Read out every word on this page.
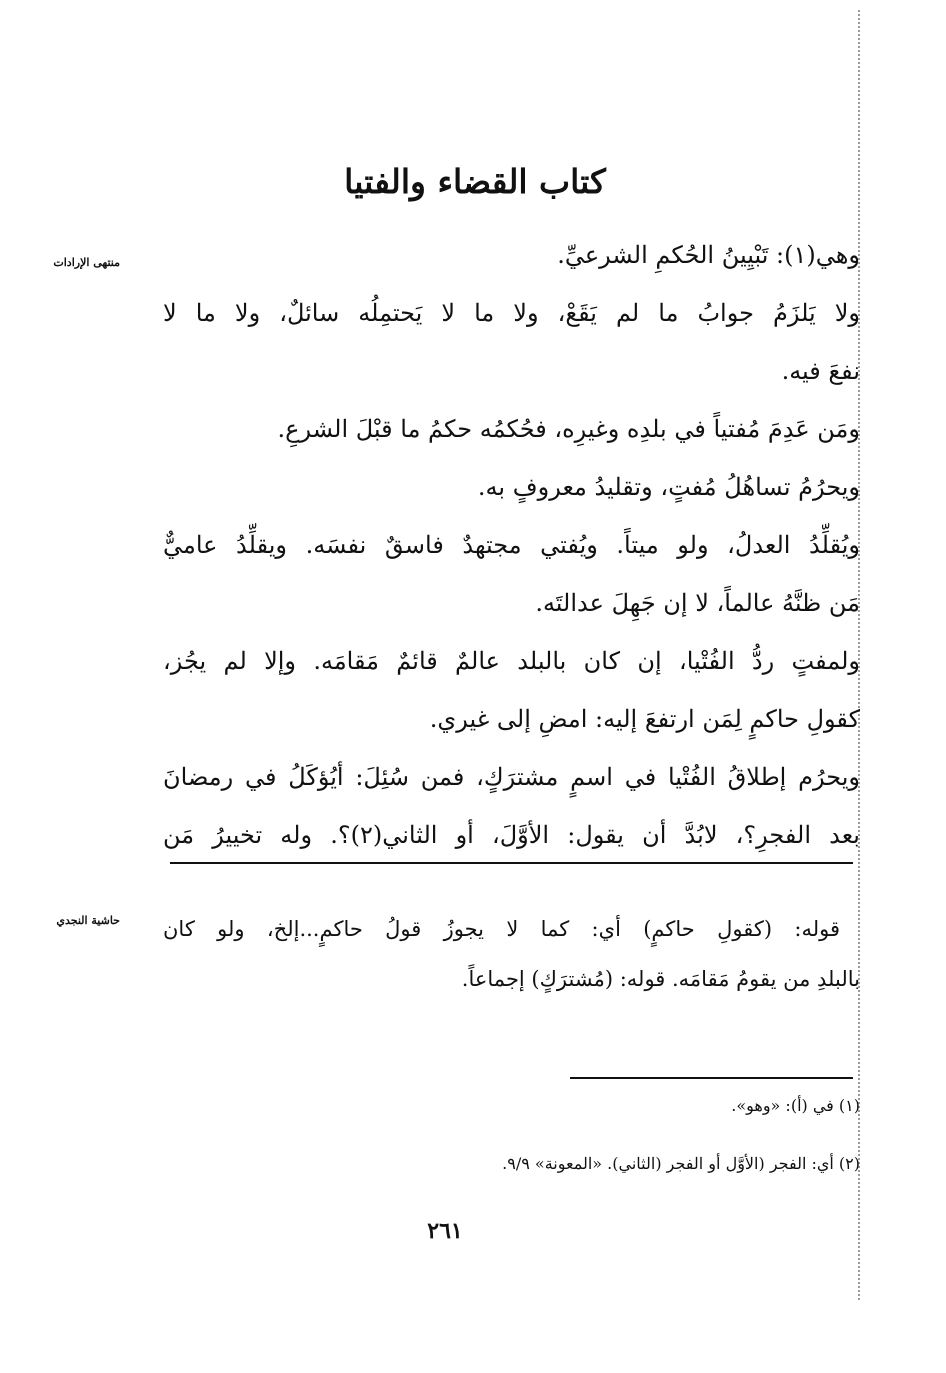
كتاب القضاء والفتيا
منتهى الإرادات
حاشية النجدي

وهي(١): تَبْيِينُ الحُكمِ الشرعيِّ.

ولا يَلزَمُ جوابُ ما لم يَقَعْ، ولا ما لا يَحتمِلُه سائلٌ، ولا ما لا

نفعَ فيه.

ومَن عَدِمَ مُفتياً في بلدِه وغيرِه، فحُكمُه حكمُ ما قبْلَ الشرعِ.

ويحرُمُ تساهُلُ مُفتٍ، وتقليدُ معروفٍ به.

ويُقلِّدُ العدلُ، ولو ميتاً. ويُفتي مجتهدٌ فاسقٌ نفسَه. ويقلِّدُ عاميٌّ

مَن ظنَّهُ عالماً، لا إن جَهِلَ عدالتَه.

ولمفتٍ ردُّ الفُتْيا، إن كان بالبلد عالمٌ قائمٌ مَقامَه. وإلا لم يجُز،

كقولِ حاكمٍ لِمَن ارتفعَ إليه: امضِ إلى غيري.

ويحرُم إطلاقُ الفُتْيا في اسمٍ مشترَكٍ، فمن سُئِلَ: أيُؤكَلُ في رمضانَ

بعد الفجرِ؟، لابُدَّ أن يقول: الأوَّلَ، أو الثاني(٢)؟. وله تخييرُ مَن

قوله: (كقولِ حاكمٍ) أي: كما لا يجوزُ قولُ حاكمٍ...إلخ، ولو كان

بالبلدِ من يقومُ مَقامَه. قوله: (مُشترَكٍ) إجماعاً.

(١) في (أ): «وهو».

(٢) أي: الفجر (الأوَّل أو الفجر (الثاني). «المعونة» ٩/٩.

٢٦١
